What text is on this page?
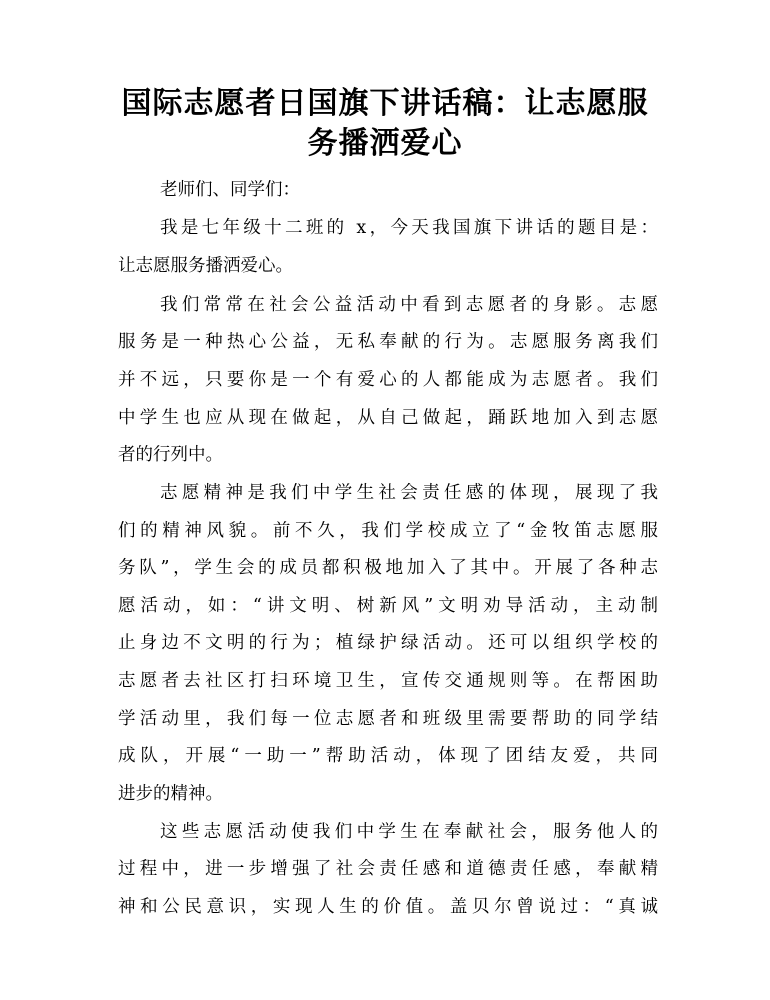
国际志愿者日国旗下讲话稿：让志愿服
务播洒爱心
老师们、同学们：
我是七年级十二班的 x，今天我国旗下讲话的题目是：
让志愿服务播洒爱心。
我们常常在社会公益活动中看到志愿者的身影。志愿
服务是一种热心公益，无私奉献的行为。志愿服务离我们
并不远，只要你是一个有爱心的人都能成为志愿者。我们
中学生也应从现在做起，从自己做起，踊跃地加入到志愿
者的行列中。
志愿精神是我们中学生社会责任感的体现，展现了我
们的精神风貌。前不久，我们学校成立了“金牧笛志愿服
务队”，学生会的成员都积极地加入了其中。开展了各种志
愿活动，如：“讲文明、树新风”文明劝导活动，主动制
止身边不文明的行为；植绿护绿活动。还可以组织学校的
志愿者去社区打扫环境卫生，宣传交通规则等。在帮困助
学活动里，我们每一位志愿者和班级里需要帮助的同学结
成队，开展“一助一”帮助活动，体现了团结友爱，共同
进步的精神。
这些志愿活动使我们中学生在奉献社会，服务他人的
过程中，进一步增强了社会责任感和道德责任感，奉献精
神和公民意识，实现人生的价值。盖贝尔曾说过：“真诚
